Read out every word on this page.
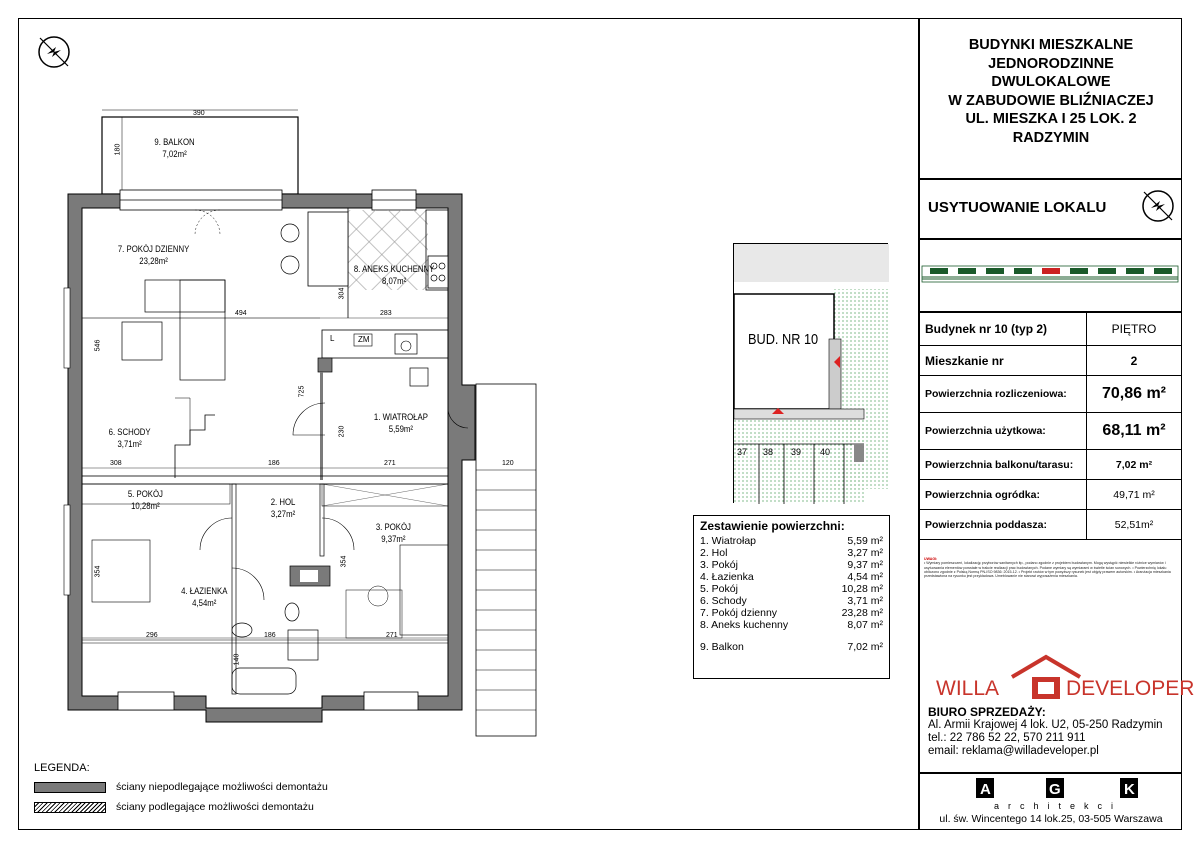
9. BALKON
7,02m²
7. POKÓJ DZIENNY
23,28m²
8. ANEKS KUCHENNY
8,07m²
1. WIATROŁAP
5,59m²
6. SCHODY
3,71m²
5. POKÓJ
10,28m²	2. HOL
3,27m²
3. POKÓJ
9,37m²
4. ŁAZIENKA
4,54m²
390
180
494	283
546
304
725
230
308	186	271	120
296	186	271
354
354
140
L	ZM
LEGENDA:
ściany niepodlegające możliwości demontażu
ściany podlegające możliwości demontażu
BUD. NR 10
37 38 39 40
Zestawienie powierzchni:
1. Wiatrołap	5,59 m²
2. Hol	3,27 m²
3. Pokój	9,37 m²
4. Łazienka	4,54 m²
5. Pokój	10,28 m²
6. Schody	3,71 m²
7. Pokój dzienny	23,28 m²
8. Aneks kuchenny	8,07 m²
9. Balkon	7,02 m²
BUDYNKI MIESZKALNE
JEDNORODZINNE
DWULOKALOWE
W ZABUDOWIE BLIŹNIACZEJ
UL. MIESZKA I 25 LOK. 2
RADZYMIN
USYTUOWANIE LOKALU
Budynek nr 10 (typ 2)	PIĘTRO
Mieszkanie nr	2
Powierzchnia rozliczeniowa:	70,86 m²
Powierzchnia użytkowa:	68,11 m²
Powierzchnia balkonu/tarasu:	7,02 m²
Powierzchnia ogródka:	49,71 m²
Powierzchnia poddasza:	52,51m²
UWAGI:
• Wymiary pomieszczeń, lokalizację przyborów sanitarnych itp., podano zgodnie z projektem budowlanym. Mogą wystąpić niewielkie różnice wymiarów i usytuowania elementów powstałe w trakcie realizacji prac budowlanych. Podane wymiary są wymiarami w świetle ścian surowych. • Powierzchnię lokalu obliczono zgodnie z Polską Normą PN-ISO 9836: 2015-12. • Projekt rzutów w tym powyższy rysunek jest objęty prawem autorskim. • Aranżacja mieszkania przedstawiona na rysunku jest przykładowa. Umeblowanie nie stanowi wyposażenia mieszkania.
WILLA	DEVELOPER
BIURO SPRZEDAŻY:
Al. Armii Krajowej 4 lok. U2, 05-250 Radzymin
tel.: 22 786 52 22, 570 211 911
email: reklama@willadeveloper.pl
A	G	K
architekci
ul. św. Wincentego 14 lok.25, 03-505 Warszawa
